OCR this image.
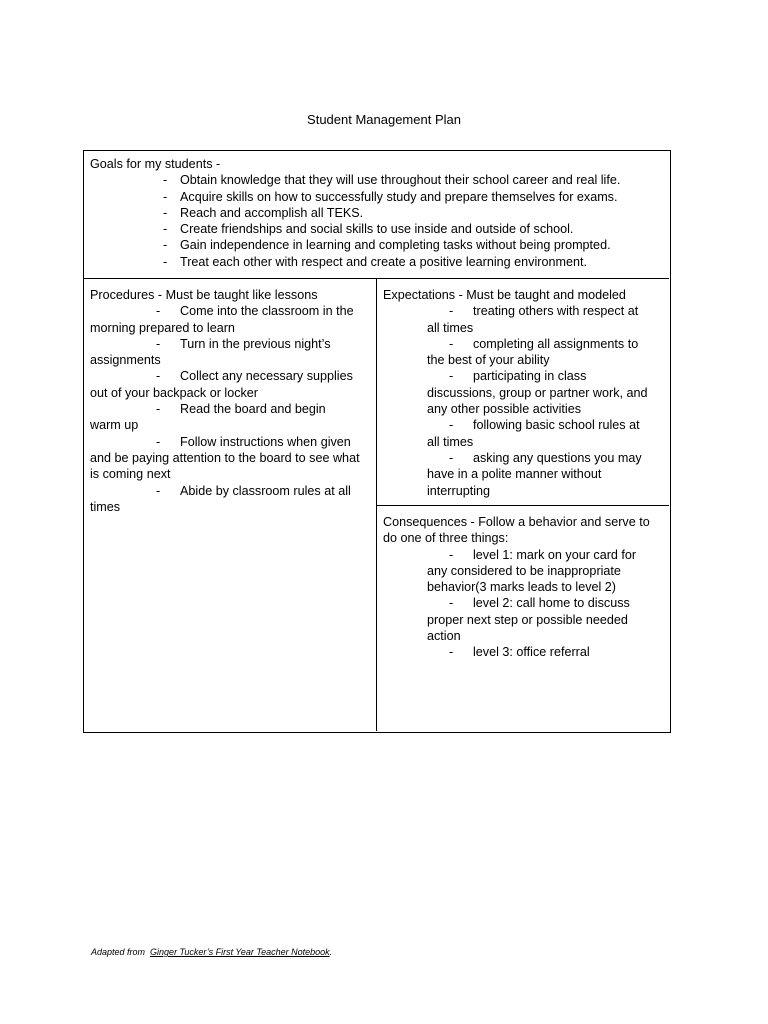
Student Management Plan
Goals for my students -
- Obtain knowledge that they will use throughout their school career and real life.
- Acquire skills on how to successfully study and prepare themselves for exams.
- Reach and accomplish all TEKS.
- Create friendships and social skills to use inside and outside of school.
- Gain independence in learning and completing tasks without being prompted.
- Treat each other with respect and create a positive learning environment.
Procedures - Must be taught like lessons
- Come into the classroom in the
morning prepared to learn
- Turn in the previous night’s
assignments
- Collect any necessary supplies
out of your backpack or locker
- Read the board and begin
warm up
- Follow instructions when given
and be paying attention to the board to see what is coming next
- Abide by classroom rules at all
times
Expectations - Must be taught and modeled
- treating others with respect at
all times
- completing all assignments to
the best of your ability
- participating in class
discussions, group or partner work, and any other possible activities
- following basic school rules at
all times
- asking any questions you may
have in a polite manner without interrupting
Consequences - Follow a behavior and serve to do one of three things:
- level 1: mark on your card for
any considered to be inappropriate behavior(3 marks leads to level 2)
- level 2: call home to discuss
proper next step or possible needed action
- level 3: office referral
Adapted from Ginger Tucker’s First Year Teacher Notebook.
